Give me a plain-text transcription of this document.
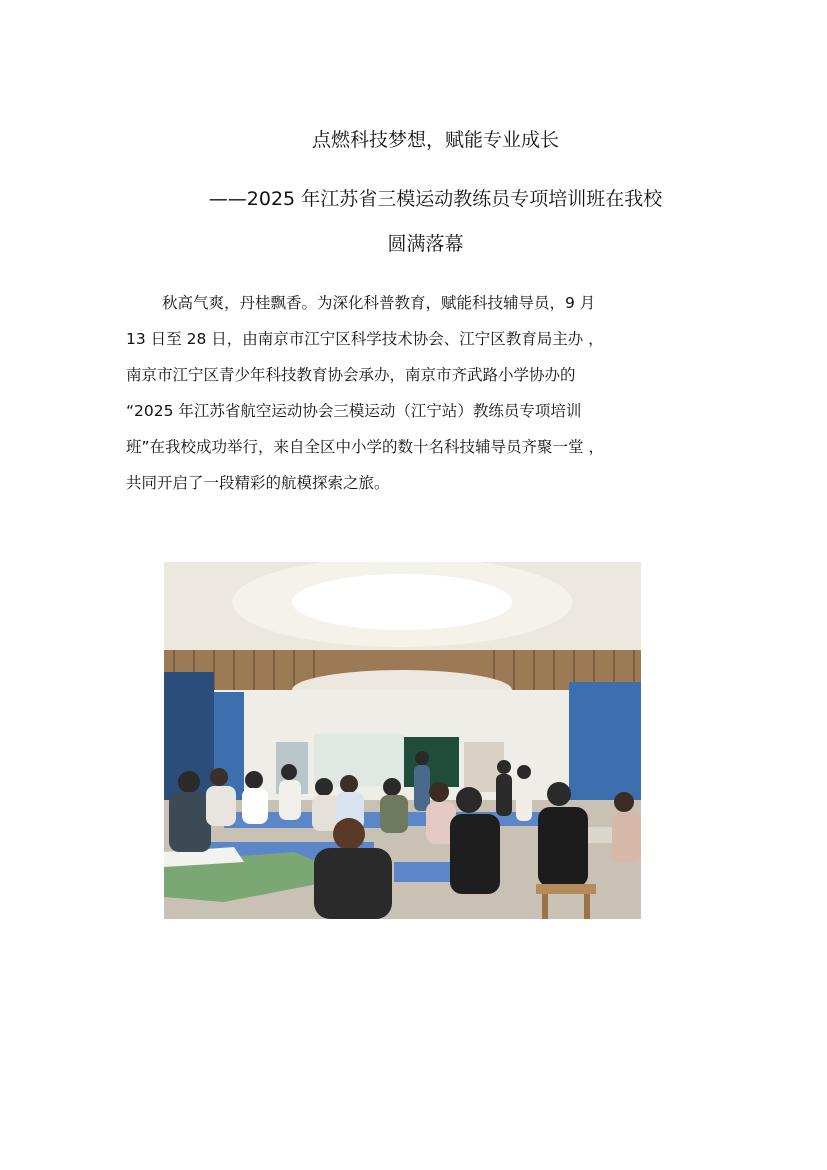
点燃科技梦想，赋能专业成长
——2025 年江苏省三模运动教练员专项培训班在我校
圆满落幕
秋高气爽，丹桂飘香。为深化科普教育，赋能科技辅导员，9 月
13 日至 28 日，由南京市江宁区科学技术协会、江宁区教育局主办 ，
南京市江宁区青少年科技教育协会承办，南京市齐武路小学协办的
“2025 年江苏省航空运动协会三模运动（江宁站）教练员专项培训
班”在我校成功举行，来自全区中小学的数十名科技辅导员齐聚一堂 ，
共同开启了一段精彩的航模探索之旅。
